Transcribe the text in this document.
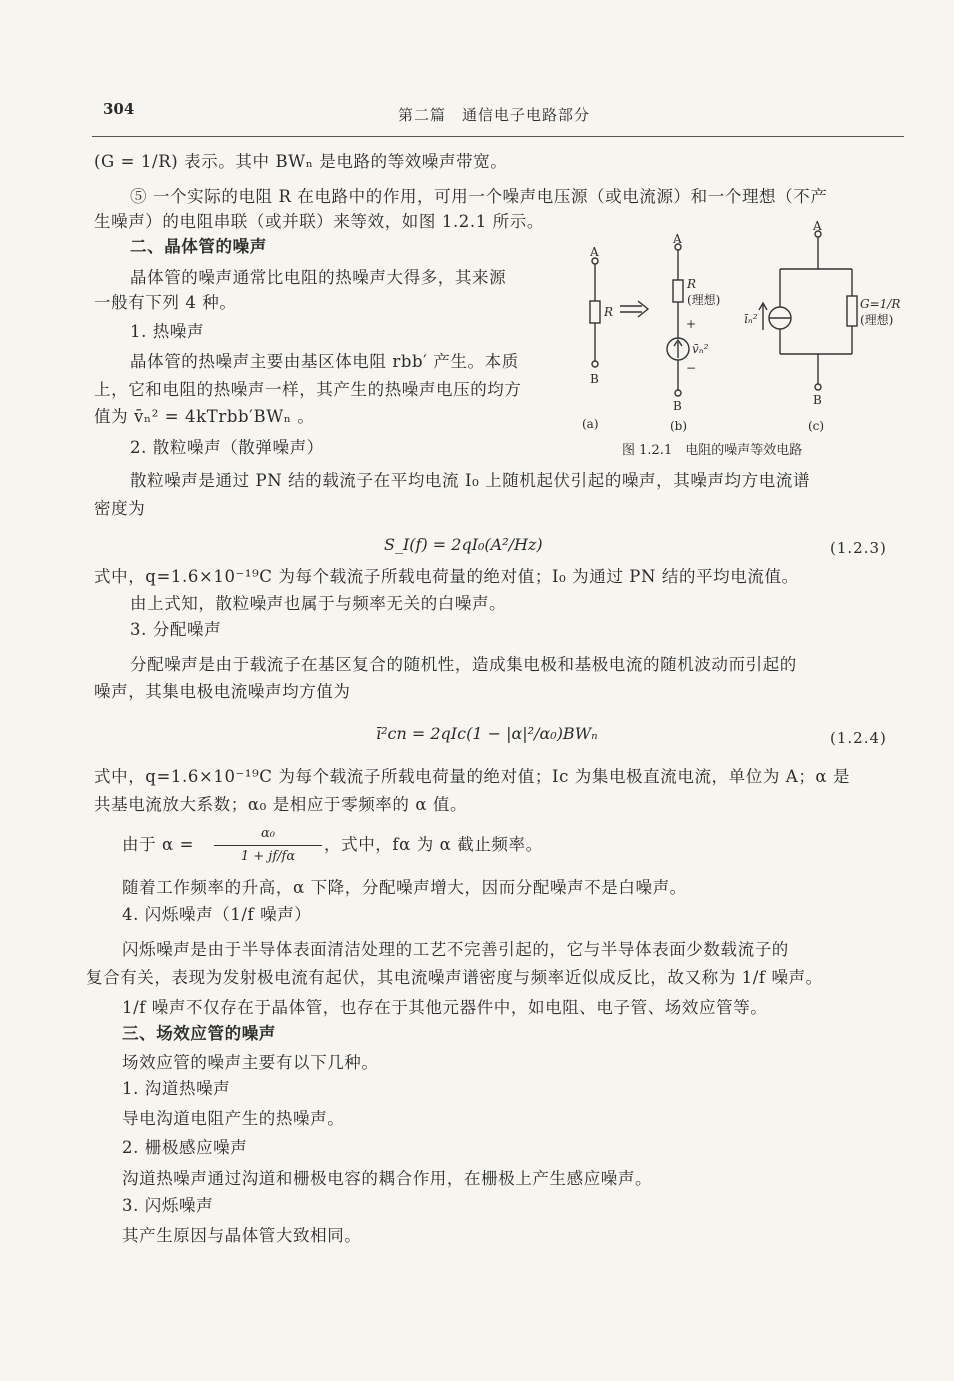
304	第二篇　通信电子电路部分
(G = 1/R) 表示。其中 BWₙ 是电路的等效噪声带宽。
⑤ 一个实际的电阻 R 在电路中的作用，可用一个噪声电压源（或电流源）和一个理想（不产
生噪声）的电阻串联（或并联）来等效，如图 1.2.1 所示。
二、晶体管的噪声
晶体管的噪声通常比电阻的热噪声大得多，其来源
一般有下列 4 种。
1. 热噪声
晶体管的热噪声主要由基区体电阻 rbb′ 产生。本质
上，它和电阻的热噪声一样，其产生的热噪声电压的均方
值为 v̄ₙ² = 4kTrbb′BWₙ 。
2. 散粒噪声（散弹噪声）
散粒噪声是通过 PN 结的载流子在平均电流 I₀ 上随机起伏引起的噪声，其噪声均方电流谱
密度为
S_I(f) = 2qI₀(A²/Hz)	(1.2.3)
式中，q=1.6×10⁻¹⁹C 为每个载流子所载电荷量的绝对值；I₀ 为通过 PN 结的平均电流值。
由上式知，散粒噪声也属于与频率无关的白噪声。
3. 分配噪声
分配噪声是由于载流子在基区复合的随机性，造成集电极和基极电流的随机波动而引起的
噪声，其集电极电流噪声均方值为
ī²cn = 2qIc(1 − |α|²/α₀)BWₙ	(1.2.4)
式中，q=1.6×10⁻¹⁹C 为每个载流子所载电荷量的绝对值；Ic 为集电极直流电流，单位为 A；α 是
共基电流放大系数；α₀ 是相应于零频率的 α 值。
由于 α =
α₀
1 + jf/fα
，式中，fα 为 α 截止频率。
随着工作频率的升高，α 下降，分配噪声增大，因而分配噪声不是白噪声。
4. 闪烁噪声（1/f 噪声）
闪烁噪声是由于半导体表面清洁处理的工艺不完善引起的，它与半导体表面少数载流子的
复合有关，表现为发射极电流有起伏，其电流噪声谱密度与频率近似成反比，故又称为 1/f 噪声。
1/f 噪声不仅存在于晶体管，也存在于其他元器件中，如电阻、电子管、场效应管等。
三、场效应管的噪声
场效应管的噪声主要有以下几种。
1. 沟道热噪声
导电沟道电阻产生的热噪声。
2. 栅极感应噪声
沟道热噪声通过沟道和栅极电容的耦合作用，在栅极上产生感应噪声。
3. 闪烁噪声
其产生原因与晶体管大致相同。
A
B
R
A
B
R
(理想)
+
v̄ₙ²
−
A
B
īₙ²
G=1/R
(理想)
(a)	(b)	(c)
图 1.2.1　电阻的噪声等效电路
